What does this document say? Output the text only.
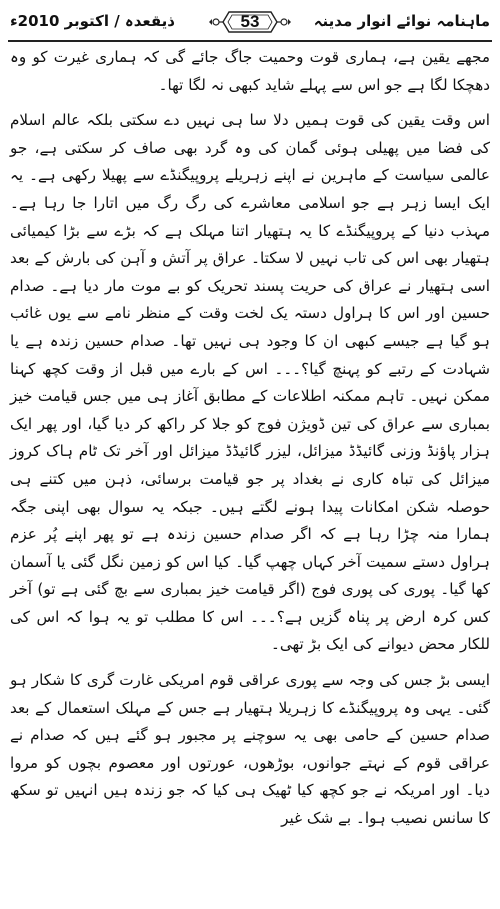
ماہنامہ نوائے انوار مدینہ
53
ذیقعدہ / اکتوبر 2010ء

مجھے یقین ہے، ہماری قوت وحمیت جاگ جائے گی کہ ہماری غیرت کو وہ دھچکا لگا ہے جو اس سے پہلے شاید کبھی نہ لگا تھا۔

اس وقت یقین کی قوت ہمیں دلا سا ہی نہیں دے سکتی بلکہ عالم اسلام کی فضا میں پھیلی ہوئی گمان کی وہ گرد بھی صاف کر سکتی ہے، جو عالمی سیاست کے ماہرین نے اپنے زہریلے پروپیگنڈے سے پھیلا رکھی ہے۔ یہ ایک ایسا زہر ہے جو اسلامی معاشرے کی رگ رگ میں اتارا جا رہا ہے۔ مہذب دنیا کے پروپیگنڈے کا یہ ہتھیار اتنا مہلک ہے کہ بڑے سے بڑا کیمیائی ہتھیار بھی اس کی تاب نہیں لا سکتا۔ عراق پر آتش و آہن کی بارش کے بعد اسی ہتھیار نے عراق کی حریت پسند تحریک کو بے موت مار دیا ہے۔ صدام حسین اور اس کا ہراول دستہ یک لخت وقت کے منظر نامے سے یوں غائب ہو گیا ہے جیسے کبھی ان کا وجود ہی نہیں تھا۔ صدام حسین زندہ ہے یا شہادت کے رتبے کو پہنچ گیا؟۔۔۔ اس کے بارے میں قبل از وقت کچھ کہنا ممکن نہیں۔ تاہم ممکنہ اطلاعات کے مطابق آغاز ہی میں جس قیامت خیز بمباری سے عراق کی تین ڈویژن فوج کو جلا کر راکھ کر دیا گیا، اور پھر ایک ہزار پاؤنڈ وزنی گائیڈڈ میزائل، لیزر گائیڈڈ میزائل اور آخر تک ٹام ہاک کروز میزائل کی تباہ کاری نے بغداد پر جو قیامت برسائی، ذہن میں کتنے ہی حوصلہ شکن امکانات پیدا ہونے لگتے ہیں۔ جبکہ یہ سوال بھی اپنی جگہ ہمارا منہ چڑا رہا ہے کہ اگر صدام حسین زندہ ہے تو پھر اپنے پُر عزم ہراول دستے سمیت آخر کہاں چھپ گیا۔ کیا اس کو زمین نگل گئی یا آسمان کھا گیا۔ پوری کی پوری فوج (اگر قیامت خیز بمباری سے بچ گئی ہے تو) آخر کس کرہ ارض پر پناہ گزیں ہے؟۔۔۔ اس کا مطلب تو یہ ہوا کہ اس کی للکار محض دیوانے کی ایک بڑ تھی۔

ایسی بڑ جس کی وجہ سے پوری عراقی قوم امریکی غارت گری کا شکار ہو گئی۔ یہی وہ پروپیگنڈے کا زہریلا ہتھیار ہے جس کے مہلک استعمال کے بعد صدام حسین کے حامی بھی یہ سوچنے پر مجبور ہو گئے ہیں کہ صدام نے عراقی قوم کے نہتے جوانوں، بوڑھوں، عورتوں اور معصوم بچوں کو مروا دیا۔ اور امریکہ نے جو کچھ کیا ٹھیک ہی کیا کہ جو زندہ ہیں انہیں تو سکھ کا سانس نصیب ہوا۔ بے شک غیر
